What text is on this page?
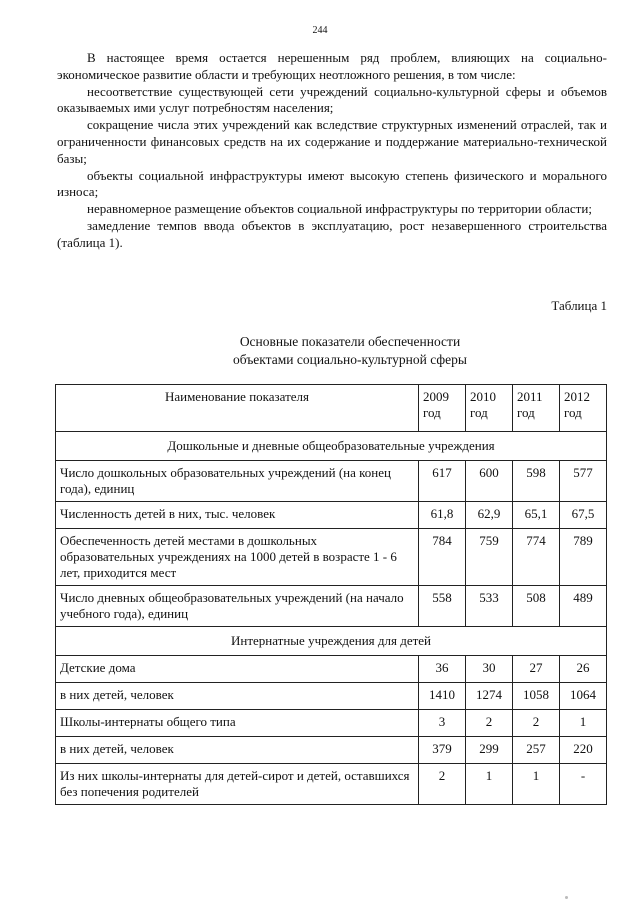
244

В настоящее время остается нерешенным ряд проблем, влияющих на социально-экономическое развитие области и требующих неотложного решения, в том числе:

несоответствие существующей сети учреждений социально-культурной сферы и объемов оказываемых ими услуг потребностям населения;

сокращение числа этих учреждений как вследствие структурных изменений отраслей, так и ограниченности финансовых средств на их содержание и поддержание материально-технической базы;

объекты социальной инфраструктуры имеют высокую степень физического и морального износа;

неравномерное размещение объектов социальной инфраструктуры по территории области;

замедление темпов ввода объектов в эксплуатацию, рост незавершенного строительства (таблица 1).

Таблица 1
Основные показатели обеспеченности
объектами социально-культурной сферы
Наименование показателя	2009 год	2010 год	2011 год	2012 год
Дошкольные и дневные общеобразовательные учреждения				
Число дошкольных образовательных учреждений (на конец года), единиц	617	600	598	577
Численность детей в них, тыс. человек	61,8	62,9	65,1	67,5
Обеспеченность детей местами в дошкольных образовательных учреждениях на 1000 детей в возрасте 1 - 6 лет, приходится мест	784	759	774	789
Число дневных общеобразовательных учреждений (на начало учебного года), единиц	558	533	508	489
Интернатные учреждения для детей				
Детские дома	36	30	27	26
в них детей, человек	1410	1274	1058	1064
Школы-интернаты общего типа	3	2	2	1
в них детей, человек	379	299	257	220
Из них школы-интернаты для детей-сирот и детей, оставшихся без попечения родителей	2	1	1	-
